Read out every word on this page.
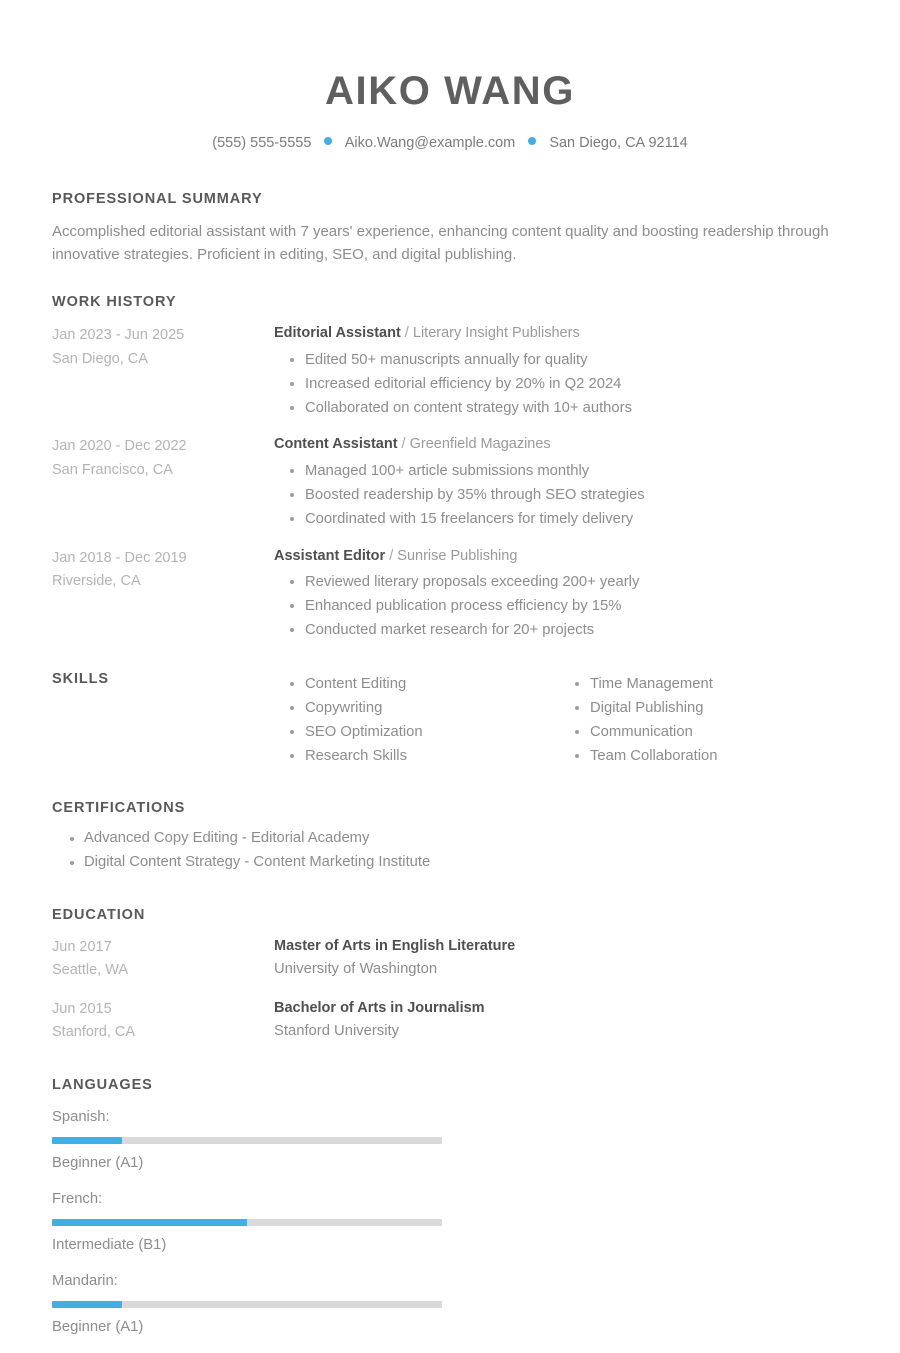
AIKO WANG
(555) 555-5555 Aiko.Wang@example.com San Diego, CA 92114
PROFESSIONAL SUMMARY
Accomplished editorial assistant with 7 years' experience, enhancing content quality and boosting readership through innovative strategies. Proficient in editing, SEO, and digital publishing.
WORK HISTORY
Jan 2023 - Jun 2025
San Diego, CA
Editorial Assistant / Literary Insight Publishers
Edited 50+ manuscripts annually for quality
Increased editorial efficiency by 20% in Q2 2024
Collaborated on content strategy with 10+ authors
Jan 2020 - Dec 2022
San Francisco, CA
Content Assistant / Greenfield Magazines
Managed 100+ article submissions monthly
Boosted readership by 35% through SEO strategies
Coordinated with 15 freelancers for timely delivery
Jan 2018 - Dec 2019
Riverside, CA
Assistant Editor / Sunrise Publishing
Reviewed literary proposals exceeding 200+ yearly
Enhanced publication process efficiency by 15%
Conducted market research for 20+ projects
SKILLS	Content Editing
Copywriting
SEO Optimization
Research Skills
Time Management
Digital Publishing
Communication
Team Collaboration
CERTIFICATIONS
Advanced Copy Editing - Editorial Academy
Digital Content Strategy - Content Marketing Institute
EDUCATION
Jun 2017
Seattle, WA
Master of Arts in English Literature
University of Washington
Jun 2015
Stanford, CA
Bachelor of Arts in Journalism
Stanford University
LANGUAGES
Spanish:
Beginner (A1)
French:
Intermediate (B1)
Mandarin:
Beginner (A1)
